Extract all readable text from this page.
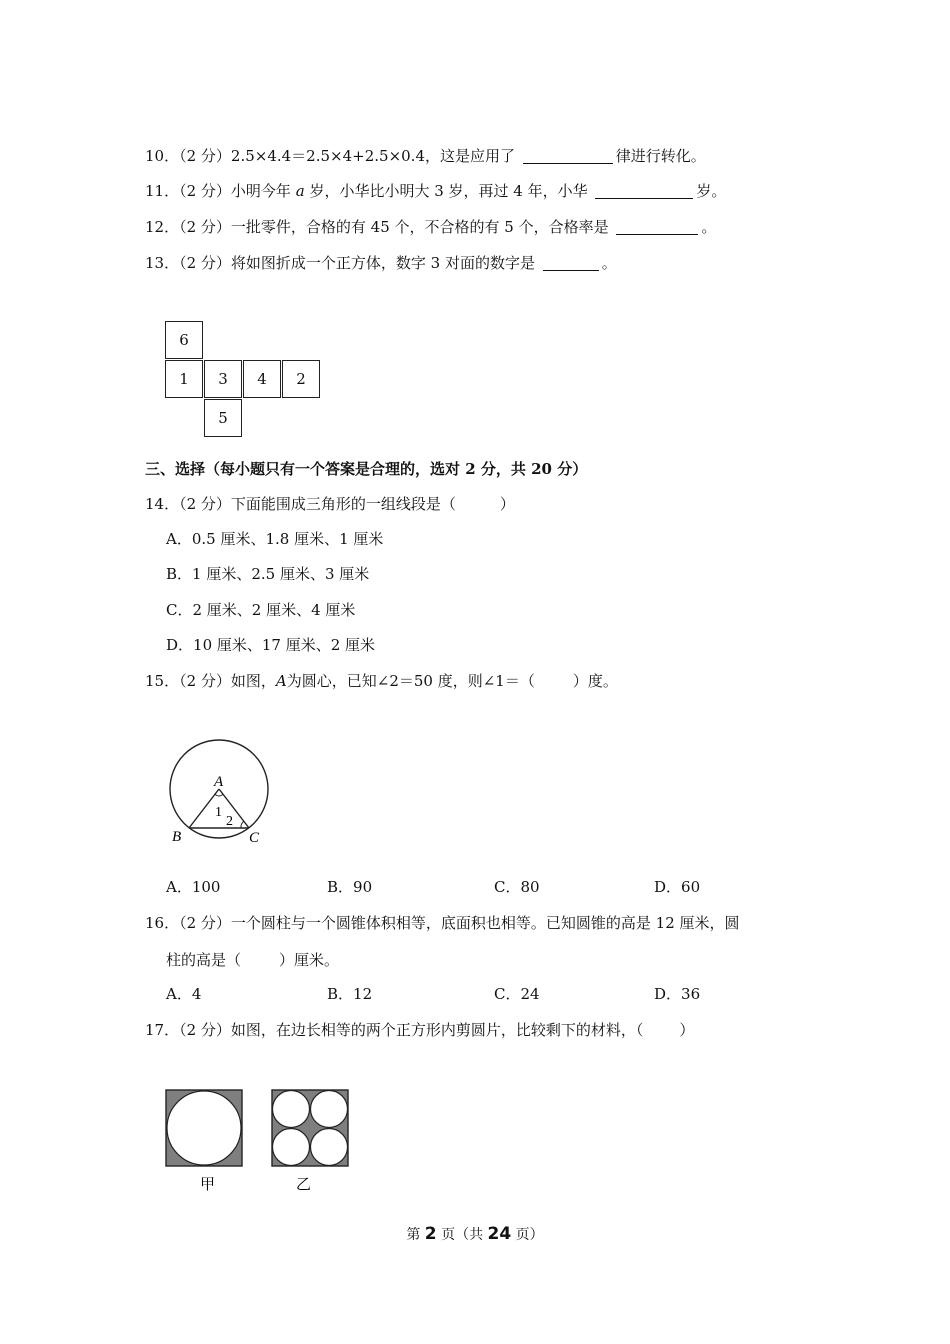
10．（2 分）2.5×4.4＝2.5×4+2.5×0.4，这是应用了	律进行转化。
11．（2 分）小明今年 a 岁，小华比小明大 3 岁，再过 4 年，小华	岁。
12．（2 分）一批零件，合格的有 45 个，不合格的有 5 个，合格率是	。
13．（2 分）将如图折成一个正方体，数字 3 对面的数字是	。
6
1	3	4	2
5
三、选择（每小题只有一个答案是合理的，选对 2 分，共 20 分）
14．（2 分）下面能围成三角形的一组线段是（	）
A．0.5 厘米、1.8 厘米、1 厘米
B．1 厘米、2.5 厘米、3 厘米
C．2 厘米、2 厘米、4 厘米
D．10 厘米、17 厘米、2 厘米
15．（2 分）如图，A为圆心，已知∠2＝50 度，则∠1＝（	）度。
A
1
2
B	C
A．100	B．90	C．80	D．60
16．（2 分）一个圆柱与一个圆锥体积相等，底面积也相等。已知圆锥的高是 12 厘米，圆
柱的高是（	）厘米。
A．4	B．12	C．24	D．36
17．（2 分）如图，在边长相等的两个正方形内剪圆片，比较剩下的材料，（ ）
甲	乙
第 2 页（共 24 页）
